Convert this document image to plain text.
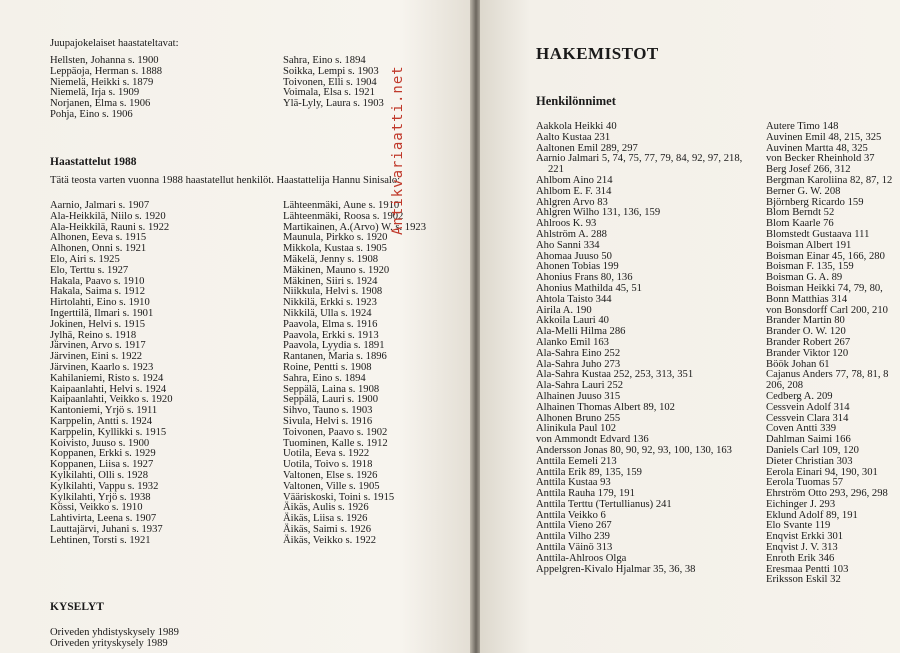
Juupajokelaiset haastateltavat:
Hellsten, Johanna s. 1900
Leppäoja, Herman s. 1888
Niemelä, Heikki s. 1879
Niemelä, Irja s. 1909
Norjanen, Elma s. 1906
Pohja, Eino s. 1906
Sahra, Eino s. 1894
Soikka, Lempi s. 1903
Toivonen, Elli s. 1904
Voimala, Elsa s. 1921
Ylä-Lyly, Laura s. 1903
Haastattelut 1988
Tätä teosta varten vuonna 1988 haastatellut henkilöt. Haastattelija Hannu Sinisalo:
Aarnio, Jalmari s. 1907
Ala-Heikkilä, Niilo s. 1920
Ala-Heikkilä, Rauni s. 1922
Alhonen, Eeva s. 1915
Alhonen, Onni s. 1921
Elo, Airi s. 1925
Elo, Terttu s. 1927
Hakala, Paavo s. 1910
Hakala, Saima s. 1912
Hirtolahti, Eino s. 1910
Ingerttilä, Ilmari s. 1901
Jokinen, Helvi s. 1915
Jylhä, Reino s. 1918
Järvinen, Arvo s. 1917
Järvinen, Eini s. 1922
Järvinen, Kaarlo s. 1923
Kahilaniemi, Risto s. 1924
Kaipaanlahti, Helvi s. 1924
Kaipaanlahti, Veikko s. 1920
Kantoniemi, Yrjö s. 1911
Karppelin, Antti s. 1924
Karppelin, Kyllikki s. 1915
Koivisto, Juuso s. 1900
Koppanen, Erkki s. 1929
Koppanen, Liisa s. 1927
Kylkilahti, Olli s. 1928
Kylkilahti, Vappu s. 1932
Kylkilahti, Yrjö s. 1938
Kössi, Veikko s. 1910
Lahtivirta, Leena s. 1907
Lauttajärvi, Juhani s. 1937
Lehtinen, Torsti s. 1921
Lähteenmäki, Aune s. 1910
Lähteenmäki, Roosa s. 1902
Martikainen, A.(Arvo) W. s. 1923
Maunula, Pirkko s. 1920
Mikkola, Kustaa s. 1905
Mäkelä, Jenny s. 1908
Mäkinen, Mauno s. 1920
Mäkinen, Siiri s. 1924
Niikkula, Helvi s. 1908
Nikkilä, Erkki s. 1923
Nikkilä, Ulla s. 1924
Paavola, Elma s. 1916
Paavola, Erkki s. 1913
Paavola, Lyydia s. 1891
Rantanen, Maria s. 1896
Roine, Pentti s. 1908
Sahra, Eino s. 1894
Seppälä, Laina s. 1908
Seppälä, Lauri s. 1900
Sihvo, Tauno s. 1903
Sivula, Helvi s. 1916
Toivonen, Paavo s. 1902
Tuominen, Kalle s. 1912
Uotila, Eeva s. 1922
Uotila, Toivo s. 1918
Valtonen, Else s. 1926
Valtonen, Ville s. 1905
Vääriskoski, Toini s. 1915
Äikäs, Aulis s. 1926
Äikäs, Liisa s. 1926
Äikäs, Saimi s. 1926
Äikäs, Veikko s. 1922
KYSELYT
Oriveden yhdistyskysely 1989
Oriveden yrityskysely 1989
Antikvariaatti.net
HAKEMISTOT
Henkilönnimet
Aakkola Heikki 40
Aalto Kustaa 231
Aaltonen Emil 289, 297
Aarnio Jalmari 5, 74, 75, 77, 79, 84, 92, 97, 218, 221
Ahlbom Aino 214
Ahlbom E. F. 314
Ahlgren Arvo 83
Ahlgren Wilho 131, 136, 159
Ahlroos K. 93
Ahlström A. 288
Aho Sanni 334
Ahomaa Juuso 50
Ahonen Tobias 199
Ahonius Frans 80, 136
Ahonius Mathilda 45, 51
Ahtola Taisto 344
Airila A. 190
Akkoila Lauri 40
Ala-Melli Hilma 286
Alanko Emil 163
Ala-Sahra Eino 252
Ala-Sahra Juho 273
Ala-Sahra Kustaa 252, 253, 313, 351
Ala-Sahra Lauri 252
Alhainen Juuso 315
Alhainen Thomas Albert 89, 102
Alhonen Bruno 255
Alinikula Paul 102
von Ammondt Edvard 136
Andersson Jonas 80, 90, 92, 93, 100, 130, 163
Anttila Eemeli 213
Anttila Erik 89, 135, 159
Anttila Kustaa 93
Anttila Rauha 179, 191
Anttila Terttu (Tertullianus) 241
Anttila Veikko 6
Anttila Vieno 267
Anttila Vilho 239
Anttila Väinö 313
Anttila-Ahlroos Olga
Appelgren-Kivalo Hjalmar 35, 36, 38
Autere Timo 148
Auvinen Emil 48, 215, 325
Auvinen Martta 48, 325
von Becker Rheinhold 37
Berg Josef 266, 312
Bergman Karoliina 82, 87, 12
Berner G. W. 208
Björnberg Ricardo 159
Blom Berndt 52
Blom Kaarle 76
Blomstedt Gustaava 111
Boisman Albert 191
Boisman Einar 45, 166, 280
Boisman F. 135, 159
Boisman G. A. 89
Boisman Heikki 74, 79, 80,
Bonn Matthias 314
von Bonsdorff Carl 200, 210
Brander Martin 80
Brander O. W. 120
Brander Robert 267
Brander Viktor 120
Böök Johan 61
Cajanus Anders 77, 78, 81, 8
206, 208
Cedberg A. 209
Cessvein Adolf 314
Cessvein Clara 314
Coven Antti 339
Dahlman Saimi 166
Daniels Carl 109, 120
Dieter Christian 303
Eerola Einari 94, 190, 301
Eerola Tuomas 57
Ehrström Otto 293, 296, 298
Eichinger J. 293
Eklund Adolf 89, 191
Elo Svante 119
Enqvist Erkki 301
Enqvist J. V. 313
Enroth Erik 346
Eresmaa Pentti 103
Eriksson Eskil 32
